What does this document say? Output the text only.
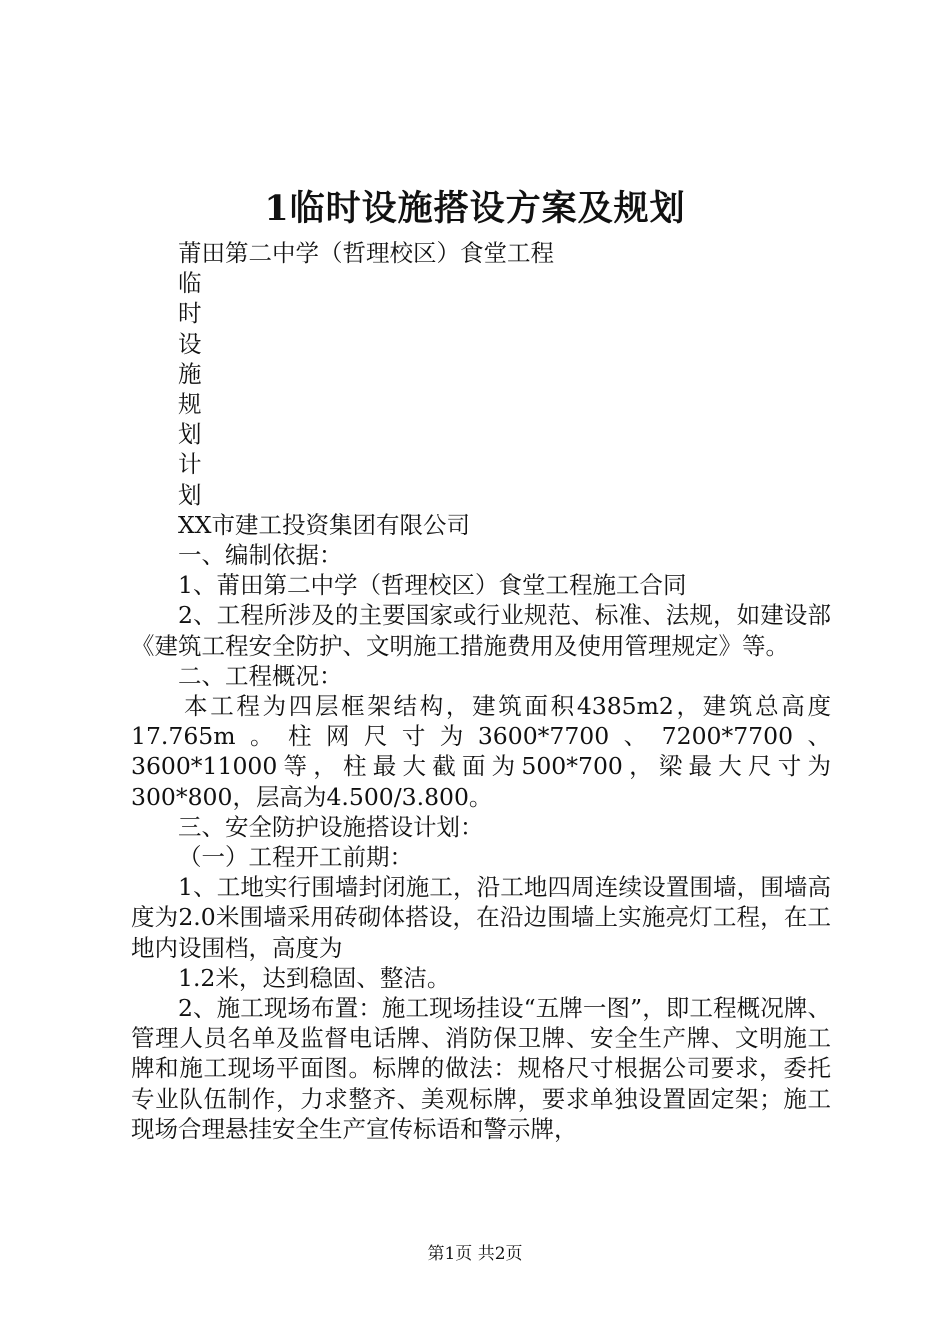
1临时设施搭设方案及规划

莆田第二中学（哲理校区）食堂工程

临
时
设
施
规
划
计
划

XX市建工投资集团有限公司

一、编制依据：

1、莆田第二中学（哲理校区）食堂工程施工合同

2、工程所涉及的主要国家或行业规范、标准、法规，如建设部《建筑工程安全防护、文明施工措施费用及使用管理规定》等。

二、工程概况：

本工程为四层框架结构，建筑面积4385m2，建筑总高度17.765m。柱网尺寸为3600*7700、7200*7700、3600*11000等，柱最大截面为500*700，梁最大尺寸为300*800，层高为4.500/3.800。

三、安全防护设施搭设计划：

（一）工程开工前期：

1、工地实行围墙封闭施工，沿工地四周连续设置围墙，围墙高度为2.0米围墙采用砖砌体搭设，在沿边围墙上实施亮灯工程，在工地内设围档，高度为

1.2米，达到稳固、整洁。

2、施工现场布置：施工现场挂设“五牌一图”，即工程概况牌、管理人员名单及监督电话牌、消防保卫牌、安全生产牌、文明施工牌和施工现场平面图。标牌的做法：规格尺寸根据公司要求，委托专业队伍制作，力求整齐、美观标牌，要求单独设置固定架；施工现场合理悬挂安全生产宣传标语和警示牌，

第1页 共2页
